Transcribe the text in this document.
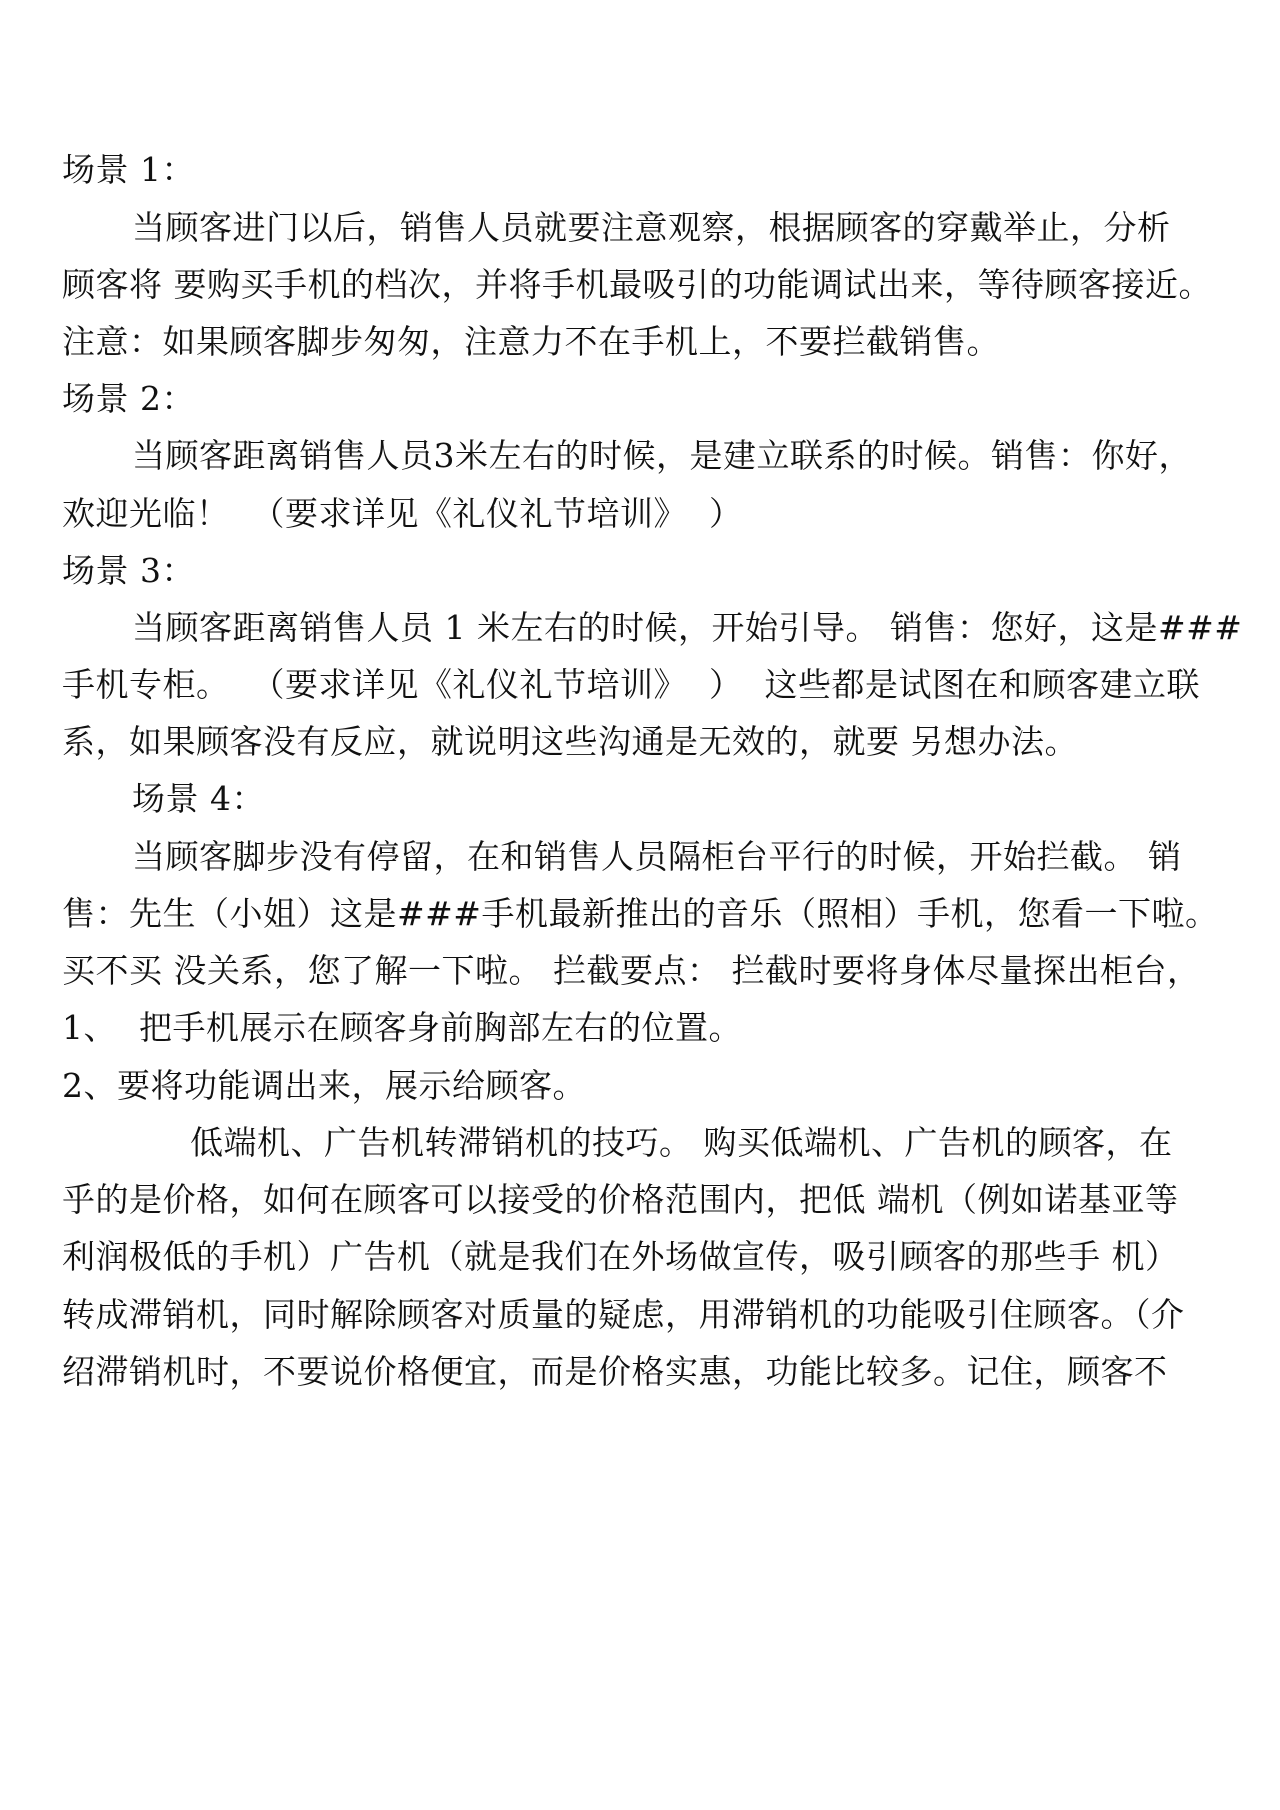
场景 1：
当顾客进门以后，销售人员就要注意观察，根据顾客的穿戴举止，分析
顾客将 要购买手机的档次，并将手机最吸引的功能调试出来，等待顾客接近。
注意：如果顾客脚步匆匆，注意力不在手机上，不要拦截销售。
场景 2：
当顾客距离销售人员3米左右的时候，是建立联系的时候。销售：你好，
欢迎光临！  （要求详见《礼仪礼节培训》  ）
场景 3：
当顾客距离销售人员 1 米左右的时候，开始引导。 销售：您好，这是###
手机专柜。  （要求详见《礼仪礼节培训》  ）  这些都是试图在和顾客建立联
系，如果顾客没有反应，就说明这些沟通是无效的，就要 另想办法。
场景 4：
当顾客脚步没有停留，在和销售人员隔柜台平行的时候，开始拦截。 销
售：先生（小姐）这是###手机最新推出的音乐（照相）手机，您看一下啦。
买不买 没关系，您了解一下啦。 拦截要点： 拦截时要将身体尽量探出柜台，
1、  把手机展示在顾客身前胸部左右的位置。
2、要将功能调出来，展示给顾客。
低端机、广告机转滞销机的技巧。 购买低端机、广告机的顾客，在
乎的是价格，如何在顾客可以接受的价格范围内，把低 端机（例如诺基亚等
利润极低的手机）广告机（就是我们在外场做宣传，吸引顾客的那些手 机）
转成滞销机，同时解除顾客对质量的疑虑，用滞销机的功能吸引住顾客。（介
绍滞销机时，不要说价格便宜，而是价格实惠，功能比较多。记住，顾客不
